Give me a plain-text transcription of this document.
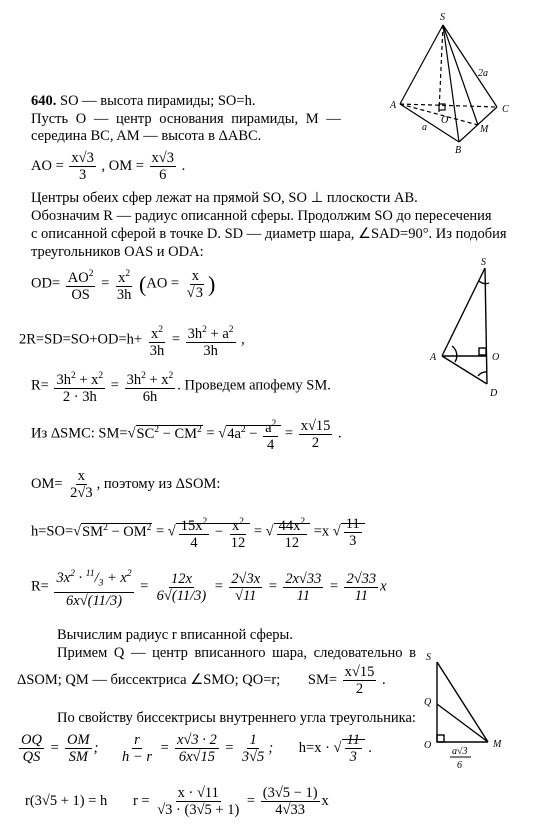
S
A
B
C
M
O
a
2a
S
A	O
D
S
Q
O	M
a√3
6
640. SO — высота пирамиды; SO=h.
Пусть O — центр основания пирамиды, M —
середина BC, AM — высота в ΔABC.
AO = $\frac{x√3}{3}$ , OM = $\frac{x√3}{6}$ .
Центры обеих сфер лежат на прямой SO, SO ⊥ плоскости AB.
Обозначим R — радиус описанной сферы. Продолжим SO до пересечения
с описанной сферой в точке D. SD — диаметр шара, ∠SAD=90°. Из подобия
треугольников OAS и ODA:
$OD= \frac{AO^2}{OS} = \frac{x^2}{3h} (AO = \frac{x}{√3}$ )
$2R=SD=SO+OD=h+ \frac{x^2}{3h} = \frac{3h^2 + a^2}{3h}$ ,
$R= \frac{3h^2 + x^2}{2 \cdot 3h} = \frac{3h^2 + x^2}{6h}$ . Проведем апофему SM.
Из ΔSMC: $SM=√SC^2 - CM^2 = √4a^2 - \frac{a^2}{4} = \frac{x√15}{2}$ .
$OM= \frac{x}{2√3}$ , поэтому из ΔSOM:
$h=SO=√SM^2 - OM^2$ = √ $\frac{15x^2}{4} - \frac{x^2}{12}$ = √ $\frac{44x^2}{12} =x$ √ $\frac{11}{3}$
$R= \frac{3x^2 \cdot ^{11}/_3 + x^2}{6x√(11/3)} = \frac{12x}{6√(11/3)} = \frac{2√3x}{√11} = \frac{2x√33}{11} = \frac{2√33}{11}$ x
Вычислим радиус r вписанной сферы.
Примем Q — центр вписанного шара, следовательно в
ΔSOM; QM — биссектриса ∠SMO; QO=r; $SM= \frac{x√15}{2}$ .
По свойству биссектрисы внутреннего угла треугольника:
$\frac{OQ}{QS} = \frac{OM}{SM}$ ; $\frac{r}{h - r} = \frac{x√3 \cdot 2}{6x√15} = \frac{1}{3√5}$ ; h=x · √ $\frac{11}{3}$ .
r(3√5 + 1) = h $r = \frac{x \cdot √11}{√3 \cdot (3√5 + 1)} = \frac{(3√5 - 1)}{4√33}$ x
